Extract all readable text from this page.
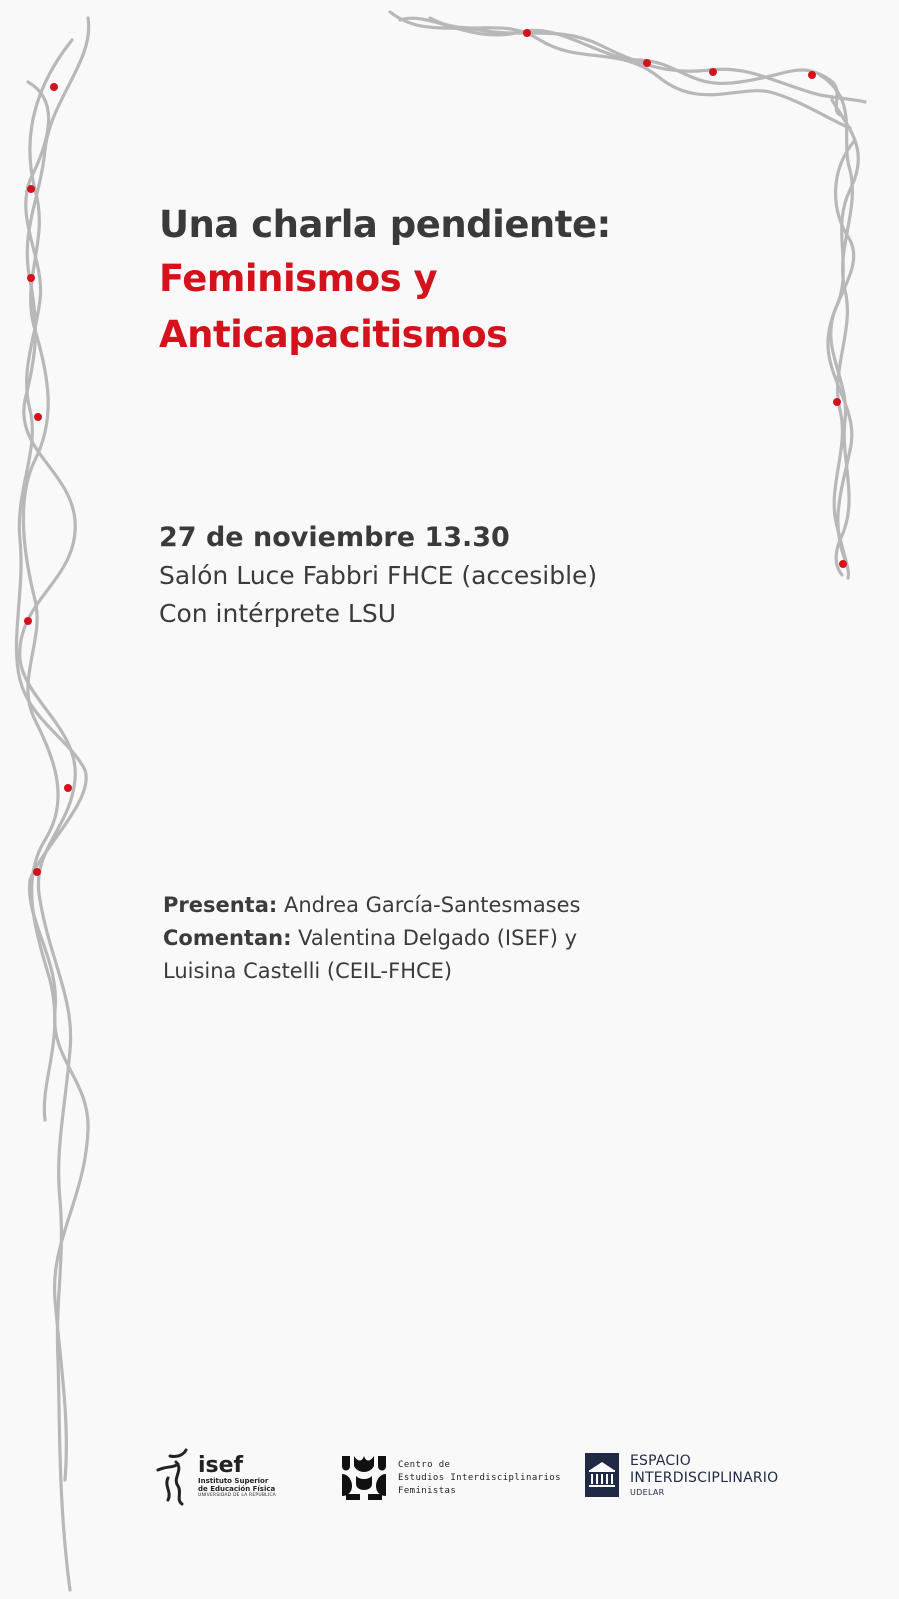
Una charla pendiente:
Feminismos y
Anticapacitismos
27 de noviembre 13.30
Salón Luce Fabbri FHCE (accesible)
Con intérprete LSU
Presenta: Andrea García-Santesmases
Comentan: Valentina Delgado (ISEF) y
Luisina Castelli (CEIL-FHCE)
isef
Instituto Superior
de Educación Física
UNIVERSIDAD DE LA REPÚBLICA
Centro de
Estudios Interdisciplinarios
Feministas
ESPACIO
INTERDISCIPLINARIO
UDELAR
